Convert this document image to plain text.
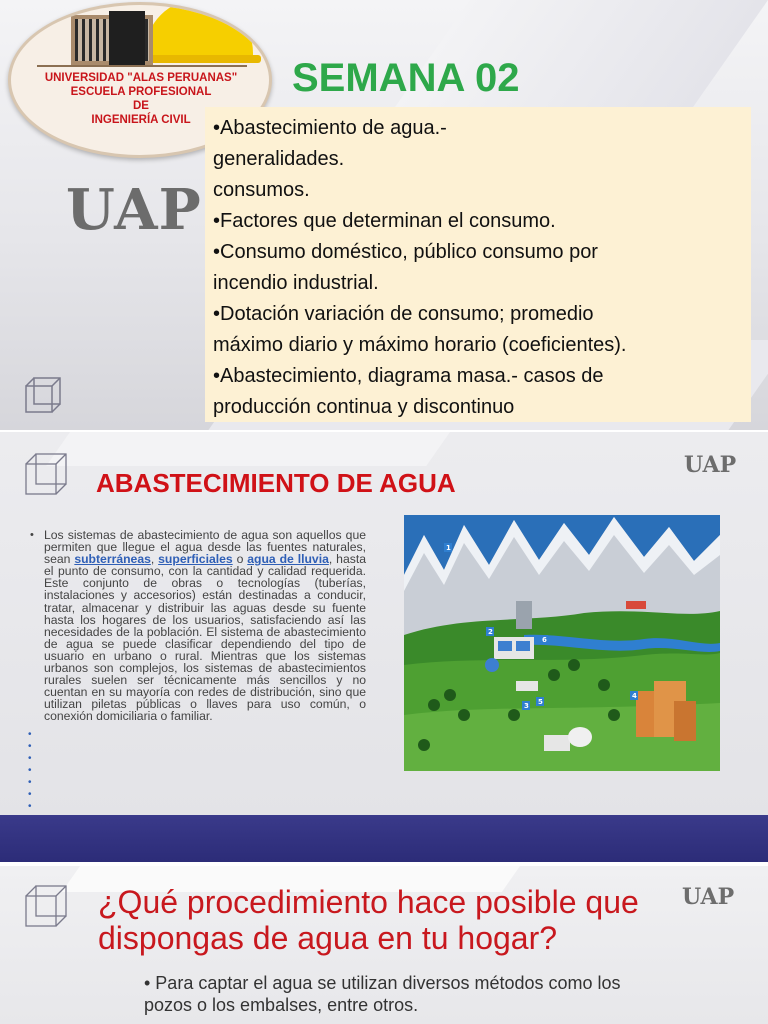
UNIVERSIDAD "ALAS PERUANAS"
ESCUELA PROFESIONAL
DE
INGENIERÍA CIVIL
UAP
SEMANA 02
•Abastecimiento de agua.-
generalidades.
consumos.
•Factores que determinan el consumo.
•Consumo doméstico, público consumo por
incendio industrial.
•Dotación variación de consumo; promedio
máximo diario y máximo horario (coeficientes).
•Abastecimiento, diagrama masa.- casos de
producción continua y discontinuo
ABASTECIMIENTO DE AGUA
UAP
•
•
•
•
•
•
•
• Los sistemas de abastecimiento de agua son aquellos que permiten que llegue el agua desde las fuentes naturales, sean subterráneas, superficiales o agua de lluvia, hasta el punto de consumo, con la cantidad y calidad requerida. Este conjunto de obras o tecnologías (tuberías, instalaciones y accesorios) están destinadas a conducir, tratar, almacenar y distribuir las aguas desde su fuente hasta los hogares de los usuarios, satisfaciendo así las necesidades de la población. El sistema de abastecimiento de agua se puede clasificar dependiendo del tipo de usuario en urbano o rural. Mientras que los sistemas urbanos son complejos, los sistemas de abastecimientos rurales suelen ser técnicamente más sencillos y no cuentan en su mayoría con redes de distribución, sino que utilizan piletas públicas o llaves para uso común, o conexión domiciliaria o familiar.
1
2
3
4
5
6
¿Qué procedimiento hace posible que dispongas de agua en tu hogar?
UAP
• Para captar el agua se utilizan diversos métodos como los pozos o los embalses, entre otros.
